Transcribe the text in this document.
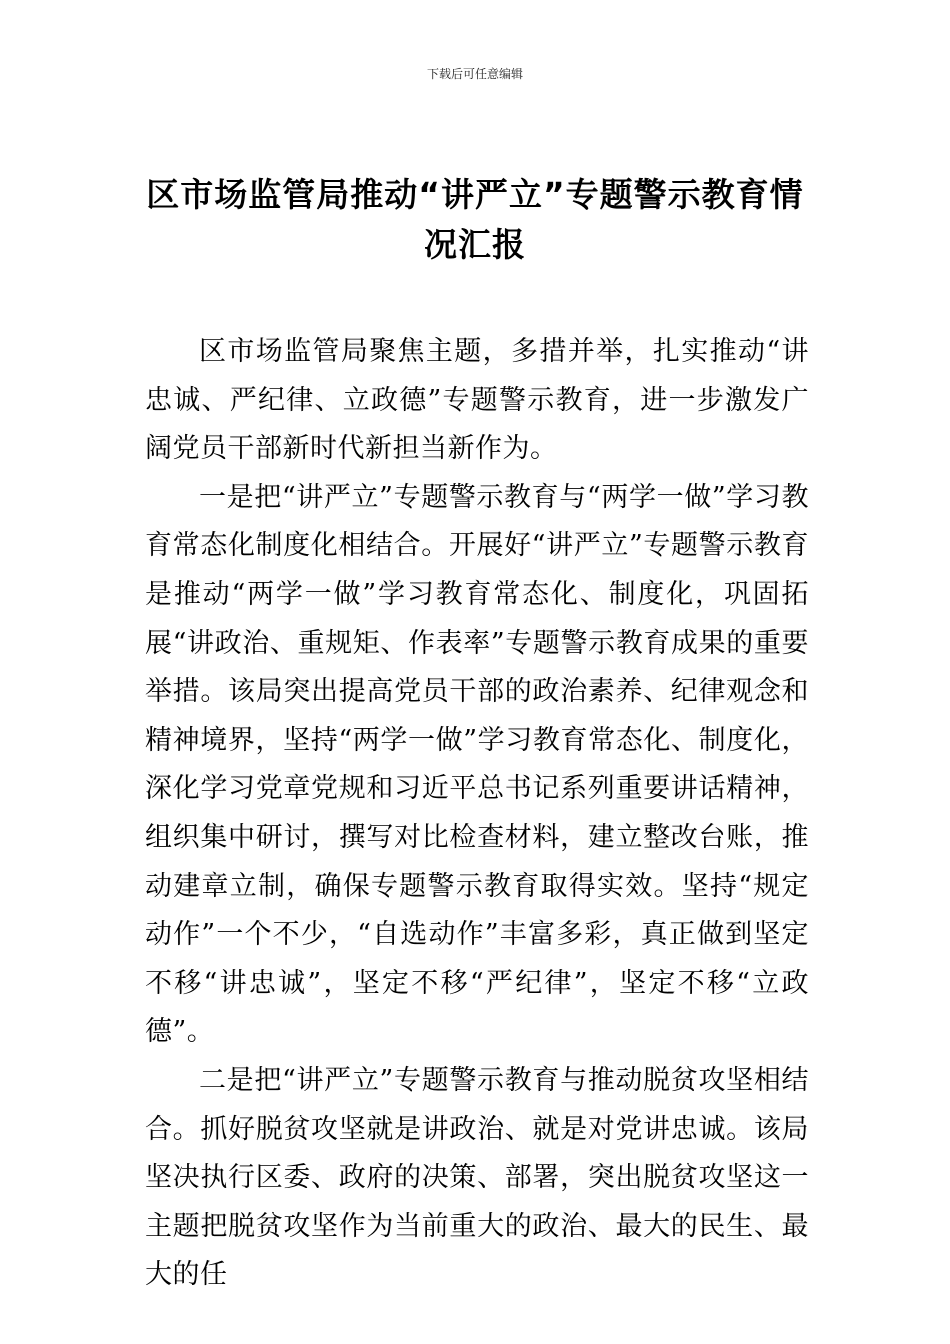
下载后可任意编辑
区市场监管局推动“讲严立”专题警示教育情况汇报

区市场监管局聚焦主题，多措并举，扎实推动“讲忠诚、严纪律、立政德”专题警示教育，进一步激发广阔党员干部新时代新担当新作为。

一是把“讲严立”专题警示教育与“两学一做”学习教育常态化制度化相结合。开展好“讲严立”专题警示教育是推动“两学一做”学习教育常态化、制度化，巩固拓展“讲政治、重规矩、作表率”专题警示教育成果的重要举措。该局突出提高党员干部的政治素养、纪律观念和精神境界，坚持“两学一做”学习教育常态化、制度化，深化学习党章党规和习近平总书记系列重要讲话精神，组织集中研讨，撰写对比检查材料，建立整改台账，推动建章立制，确保专题警示教育取得实效。坚持“规定动作”一个不少，“自选动作”丰富多彩，真正做到坚定不移“讲忠诚”，坚定不移“严纪律”，坚定不移“立政德”。

二是把“讲严立”专题警示教育与推动脱贫攻坚相结合。抓好脱贫攻坚就是讲政治、就是对党讲忠诚。该局坚决执行区委、政府的决策、部署，突出脱贫攻坚这一主题把脱贫攻坚作为当前重大的政治、最大的民生、最大的任
